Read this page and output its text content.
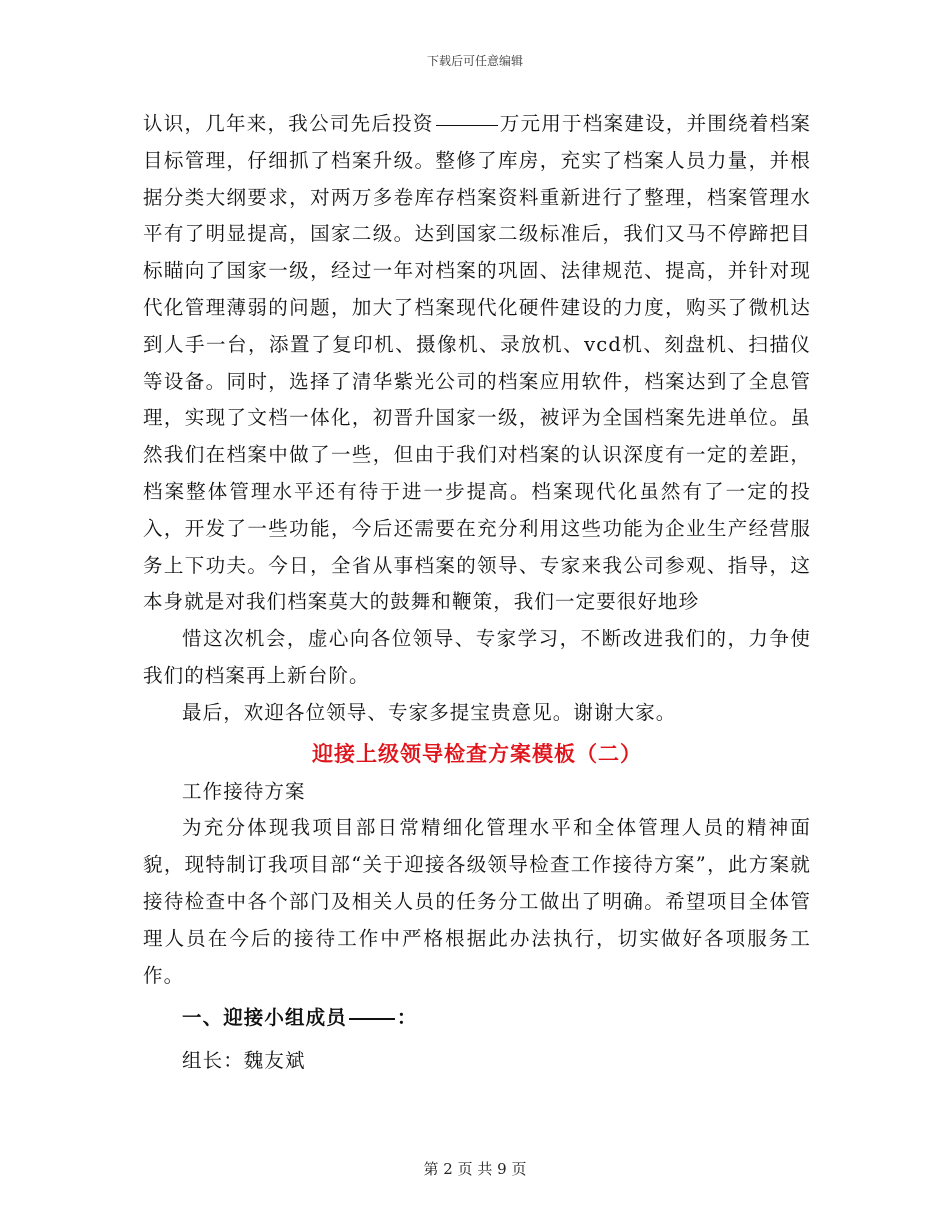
下载后可任意编辑

认识，几年来，我公司先后投资	万元用于档案建设，并围绕着档案目标管理，仔细抓了档案升级。整修了库房，充实了档案人员力量，并根据分类大纲要求，对两万多卷库存档案资料重新进行了整理，档案管理水平有了明显提高，国家二级。达到国家二级标准后，我们又马不停蹄把目标瞄向了国家一级，经过一年对档案的巩固、法律规范、提高，并针对现代化管理薄弱的问题，加大了档案现代化硬件建设的力度，购买了微机达到人手一台，添置了复印机、摄像机、录放机、vcd机、刻盘机、扫描仪等设备。同时，选择了清华紫光公司的档案应用软件，档案达到了全息管理，实现了文档一体化，初晋升国家一级，被评为全国档案先进单位。虽然我们在档案中做了一些，但由于我们对档案的认识深度有一定的差距，档案整体管理水平还有待于进一步提高。档案现代化虽然有了一定的投入，开发了一些功能，今后还需要在充分利用这些功能为企业生产经营服务上下功夫。今日，全省从事档案的领导、专家来我公司参观、指导，这本身就是对我们档案莫大的鼓舞和鞭策，我们一定要很好地珍

惜这次机会，虚心向各位领导、专家学习，不断改进我们的，力争使我们的档案再上新台阶。

最后，欢迎各位领导、专家多提宝贵意见。谢谢大家。

迎接上级领导检查方案模板（二）

工作接待方案

为充分体现我项目部日常精细化管理水平和全体管理人员的精神面貌，现特制订我项目部“关于迎接各级领导检查工作接待方案”，此方案就接待检查中各个部门及相关人员的任务分工做出了明确。希望项目全体管理人员在今后的接待工作中严格根据此办法执行，切实做好各项服务工作。

一、迎接小组成员	：

组长：魏友斌

第 2 页 共 9 页
